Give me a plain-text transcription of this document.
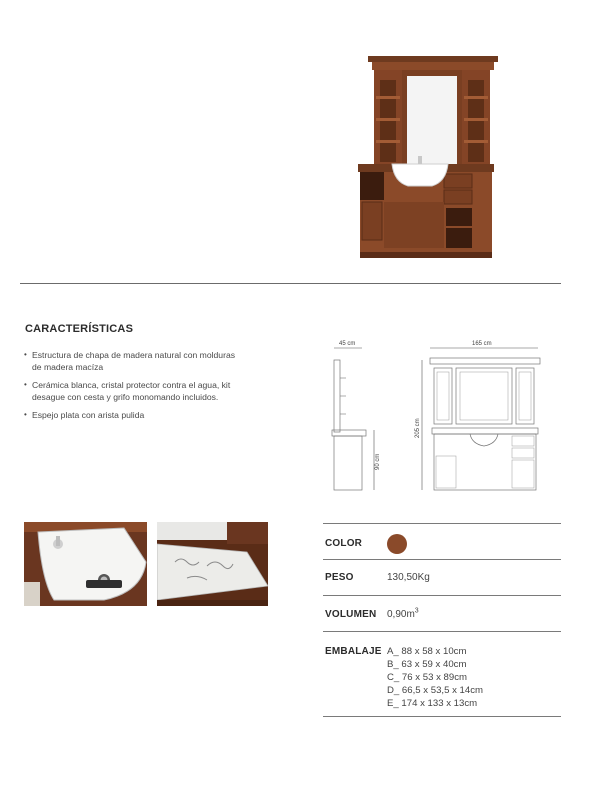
CARACTERÍSTICAS
• Estructura de chapa de madera natural con molduras de madera macíza
• Cerámica blanca, cristal protector contra el agua, kit desague con cesta y grifo monomando incluidos.
• Espejo plata con arista pulida
45 cm
90 cm
165 cm
205 cm
COLOR
PESO	130,50Kg
VOLUMEN $0,90m^3$
EMBALAJE A_ 88 x 58 x 10cm
B_ 63 x 59 x 40cm
C_ 76 x 53 x 89cm
D_ 66,5 x 53,5 x 14cm
E_ 174 x 133 x 13cm
